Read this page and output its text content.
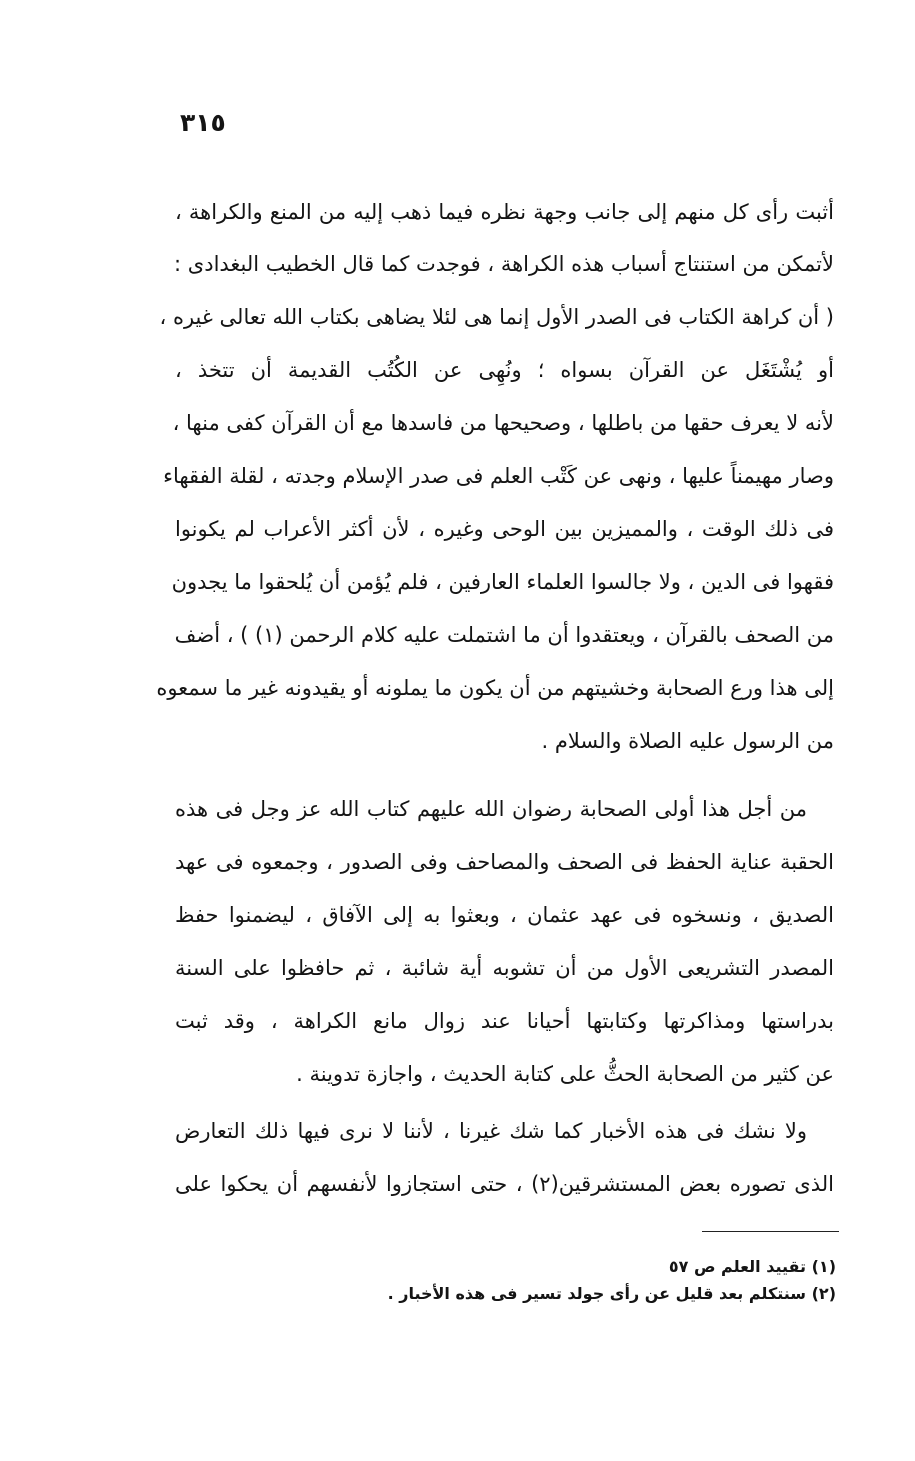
٣١٥
أثبت رأى كل منهم إلى جانب وجهة نظره فيما ذهب إليه من المنع والكراهة ،
لأتمكن من استنتاج أسباب هذه الكراهة ، فوجدت كما قال الخطيب البغدادى :
( أن كراهة الكتاب فى الصدر الأول إنما هى لئلا يضاهى بكتاب الله تعالى غيره ،
أو يُشْتَغَل عن القرآن بسواه ؛ ونُهِى عن الكُتُب القديمة أن تتخذ ،
لأنه لا يعرف حقها من باطلها ، وصحيحها من فاسدها مع أن القرآن كفى منها ،
وصار مهيمناً عليها ، ونهى عن كَتْب العلم فى صدر الإسلام وجدته ، لقلة الفقهاء
فى ذلك الوقت ، والمميزين بين الوحى وغيره ، لأن أكثر الأعراب لم يكونوا
فقهوا فى الدين ، ولا جالسوا العلماء العارفين ، فلم يُؤمن أن يُلحقوا ما يجدون
من الصحف بالقرآن ، ويعتقدوا أن ما اشتملت عليه كلام الرحمن (١) ) ، أضف
إلى هذا ورع الصحابة وخشيتهم من أن يكون ما يملونه أو يقيدونه غير ما سمعوه
من الرسول عليه الصلاة والسلام .
من أجل هذا أولى الصحابة رضوان الله عليهم كتاب الله عز وجل فى هذه
الحقبة عناية الحفظ فى الصحف والمصاحف وفى الصدور ، وجمعوه فى عهد
الصديق ، ونسخوه فى عهد عثمان ، وبعثوا به إلى الآفاق ، ليضمنوا حفظ
المصدر التشريعى الأول من أن تشوبه أية شائبة ، ثم حافظوا على السنة
بدراستها ومذاكرتها وكتابتها أحيانا عند زوال مانع الكراهة ، وقد ثبت
عن كثير من الصحابة الحثُّ على كتابة الحديث ، واجازة تدوينة .
ولا نشك فى هذه الأخبار كما شك غيرنا ، لأننا لا نرى فيها ذلك التعارض
الذى تصوره بعض المستشرقين(٢) ، حتى استجازوا لأنفسهم أن يحكوا على
(١) تقييد العلم ص ٥٧
(٢) سنتكلم بعد قليل عن رأى جولد تسير فى هذه الأخبار .
